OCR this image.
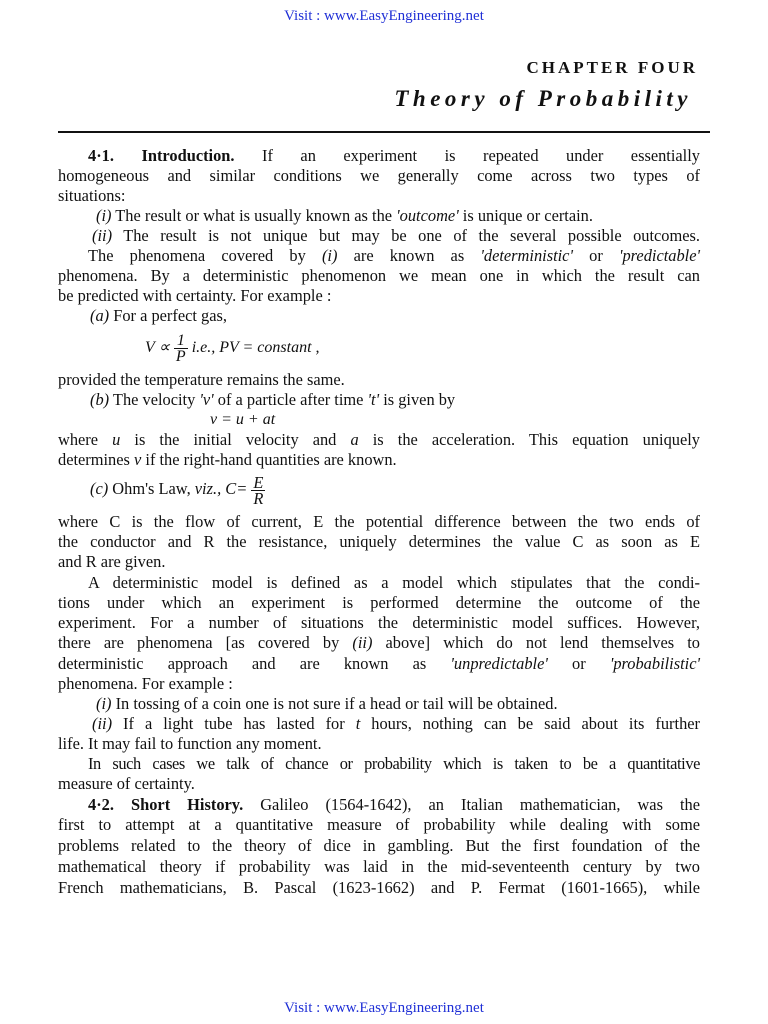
Visit : www.EasyEngineering.net
CHAPTER FOUR
Theory of Probability
4·1. Introduction. If an experiment is repeated under essentially
homogeneous and similar conditions we generally come across two types of
situations:
(i) The result or what is usually known as the 'outcome' is unique or certain.
(ii) The result is not unique but may be one of the several possible outcomes.
The phenomena covered by (i) are known as 'deterministic' or 'predictable'
phenomena. By a deterministic phenomenon we mean one in which the result can
be predicted with certainty. For example :
(a) For a perfect gas,
$V \propto \frac{1}{P} i.e$., PV = constant ,
provided the temperature remains the same.
(b) The velocity 'v' of a particle after time 't' is given by
v = u + at
where u is the initial velocity and a is the acceleration. This equation uniquely
determines v if the right-hand quantities are known.
(c) Ohm's Law, viz., $C= \frac{E}{R}$
where C is the flow of current, E the potential difference between the two ends of
the conductor and R the resistance, uniquely determines the value C as soon as E
and R are given.
A deterministic model is defined as a model which stipulates that the condi-
tions under which an experiment is performed determine the outcome of the
experiment. For a number of situations the deterministic model suffices. However,
there are phenomena [as covered by (ii) above] which do not lend themselves to
deterministic approach and are known as 'unpredictable' or 'probabilistic'
phenomena. For example :
(i) In tossing of a coin one is not sure if a head or tail will be obtained.
(ii) If a light tube has lasted for t hours, nothing can be said about its further
life. It may fail to function any moment.
In such cases we talk of chance or probability which is taken to be a quantitative
measure of certainty.
4·2. Short History. Galileo (1564-1642), an Italian mathematician, was the
first to attempt at a quantitative measure of probability while dealing with some
problems related to the theory of dice in gambling. But the first foundation of the
mathematical theory if probability was laid in the mid-seventeenth century by two
French mathematicians, B. Pascal (1623-1662) and P. Fermat (1601-1665), while
Visit : www.EasyEngineering.net
